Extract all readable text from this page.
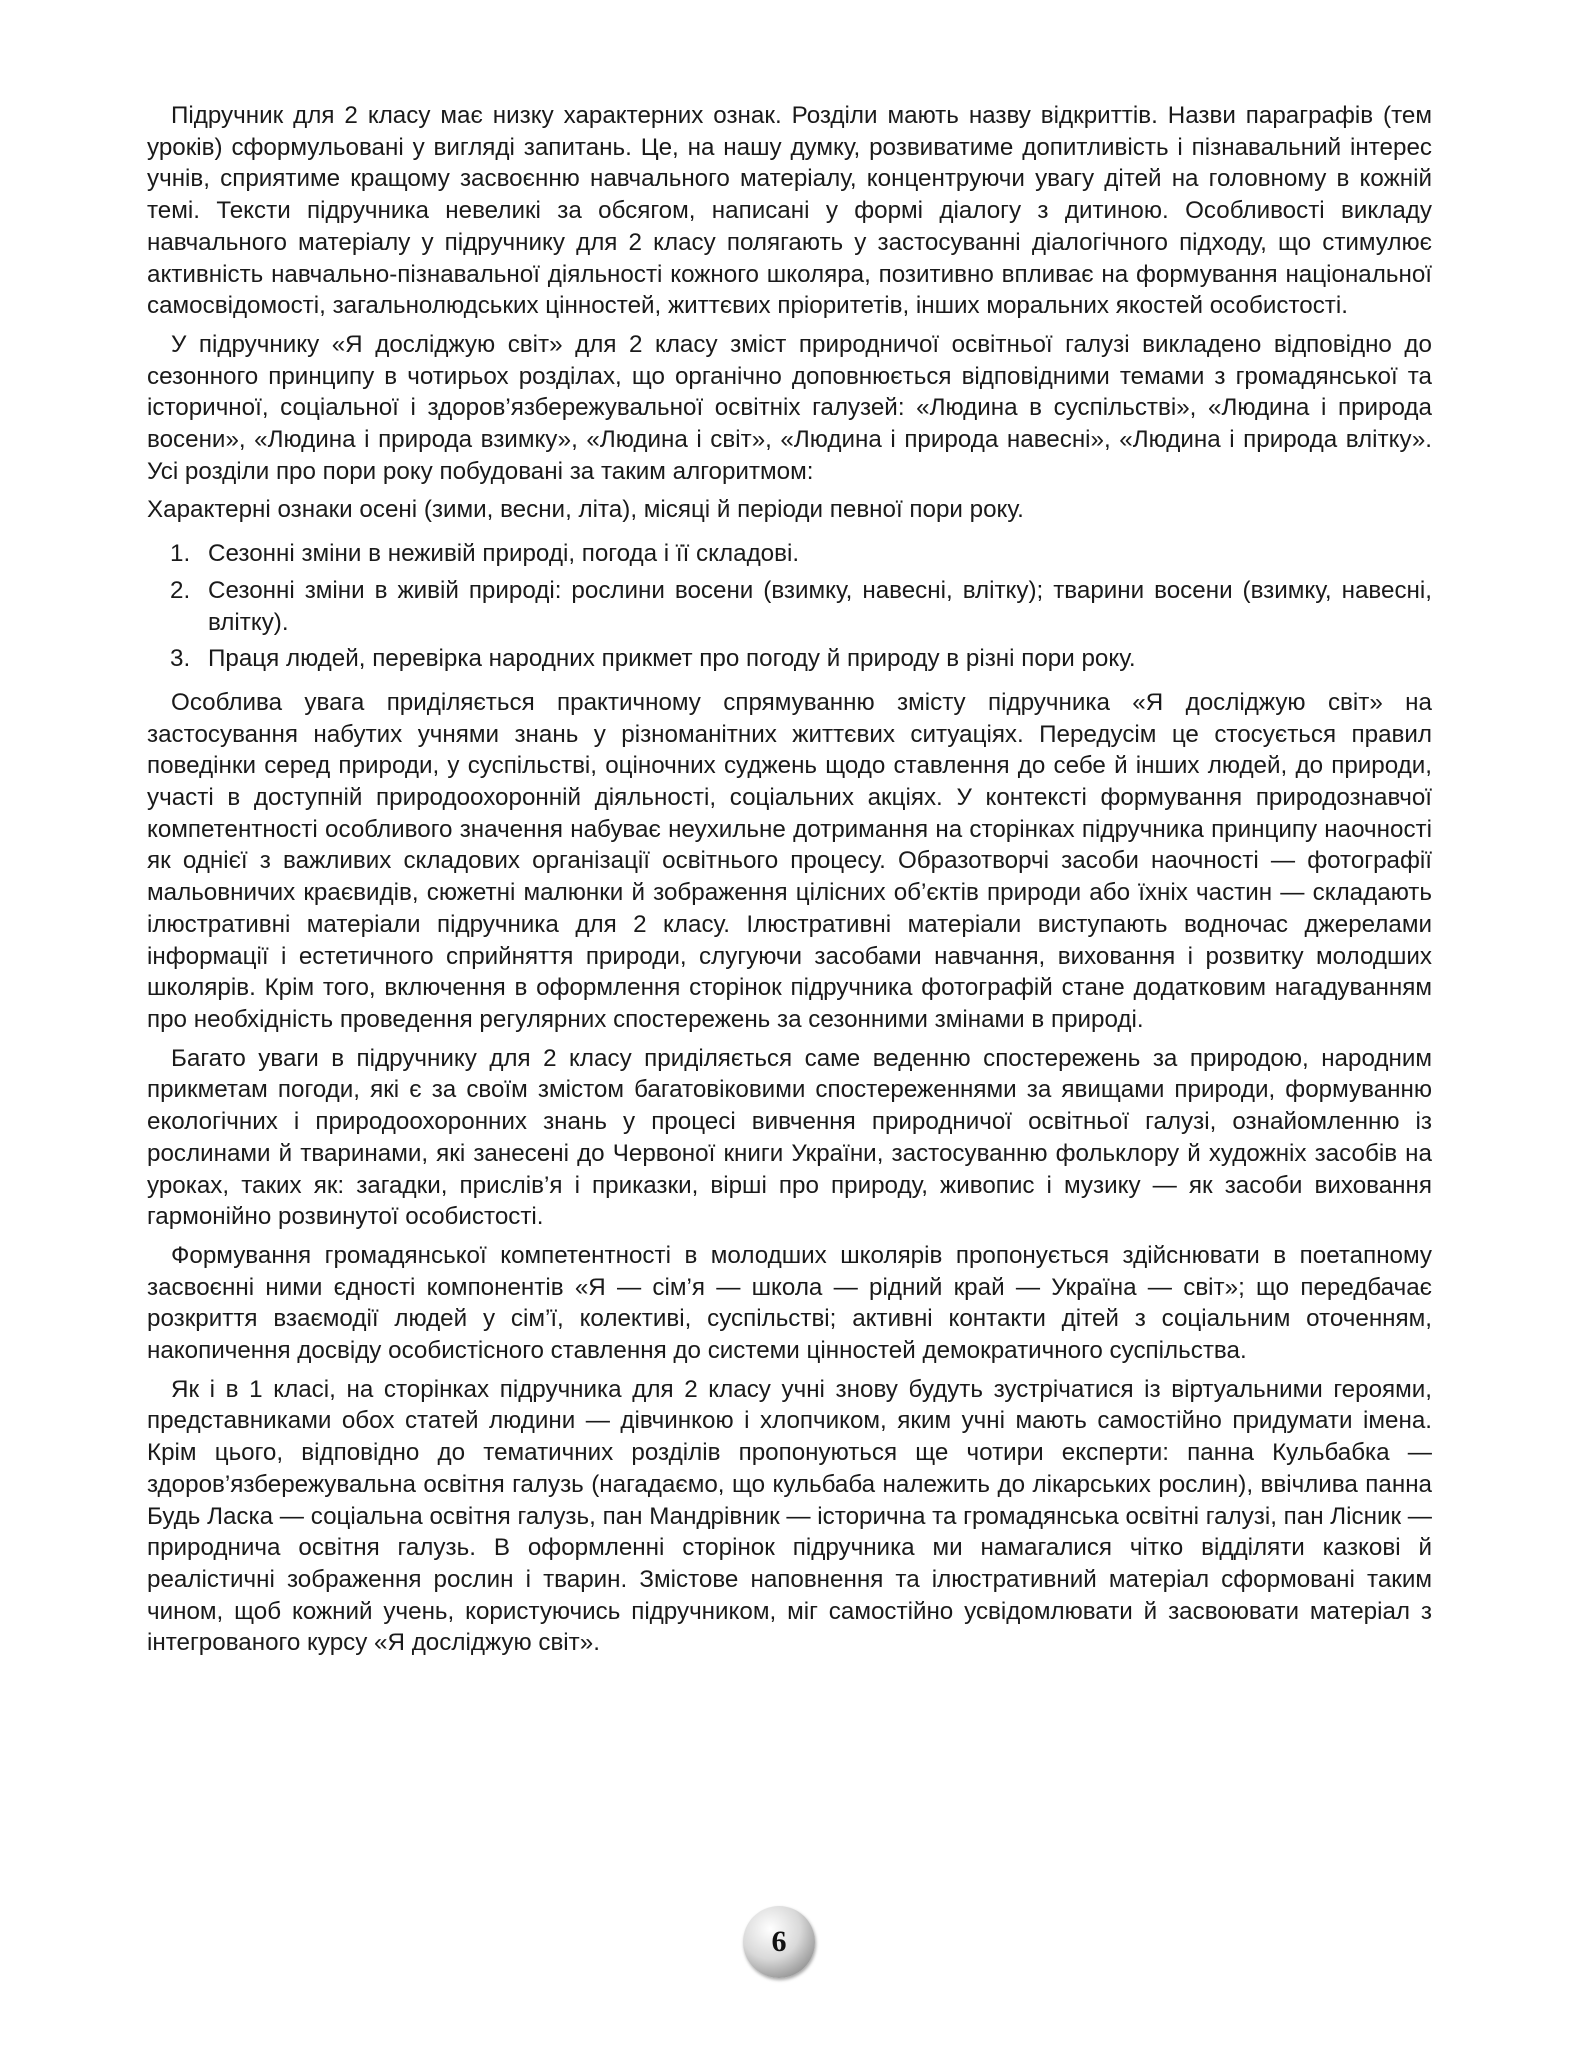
Підручник для 2 класу має низку характерних ознак. Розділи мають назву відкриттів. Назви параграфів (тем уроків) сформульовані у вигляді запитань. Це, на нашу думку, розвиватиме допитливість і пізнавальний інтерес учнів, сприятиме кращому засвоєнню навчального матеріалу, концентруючи увагу дітей на головному в кожній темі. Тексти підручника невеликі за обсягом, написані у формі діалогу з дитиною. Особливості викладу навчального матеріалу у підручнику для 2 класу полягають у застосуванні діалогічного підходу, що стимулює активність навчально-пізнавальної діяльності кожного школяра, позитивно впливає на формування національної самосвідомості, загальнолюдських цінностей, життєвих пріоритетів, інших моральних якостей особистості.

У підручнику «Я досліджую світ» для 2 класу зміст природничої освітньої галузі викладено відповідно до сезонного принципу в чотирьох розділах, що органічно доповнюється відповідними темами з громадянської та історичної, соціальної і здоров’язбережувальної освітніх галузей: «Людина в суспільстві», «Людина і природа восени», «Людина і природа взимку», «Людина і світ», «Людина і природа навесні», «Людина і природа влітку». Усі розділи про пори року побудовані за таким алгоритмом:

Характерні ознаки осені (зими, весни, літа), місяці й періоди певної пори року.

1. Сезонні зміни в неживій природі, погода і її складові.
2. Сезонні зміни в живій природі: рослини восени (взимку, навесні, влітку); тварини восени (взимку, навесні, влітку).
3. Праця людей, перевірка народних прикмет про погоду й природу в різні пори року.

Особлива увага приділяється практичному спрямуванню змісту підручника «Я досліджую світ» на застосування набутих учнями знань у різноманітних життєвих ситуаціях. Передусім це стосується правил поведінки серед природи, у суспільстві, оціночних суджень щодо ставлення до себе й інших людей, до природи, участі в доступній природоохоронній діяльності, соціальних акціях. У контексті формування природознавчої компетентності особливого значення набуває неухильне дотримання на сторінках підручника принципу наочності як однієї з важливих складових організації освітнього процесу. Образотворчі засоби наочності — фотографії мальовничих краєвидів, сюжетні малюнки й зображення цілісних об’єктів природи або їхніх частин — складають ілюстративні матеріали підручника для 2 класу. Ілюстративні матеріали виступають водночас джерелами інформації і естетичного сприйняття природи, слугуючи засобами навчання, виховання і розвитку молодших школярів. Крім того, включення в оформлення сторінок підручника фотографій стане додатковим нагадуванням про необхідність проведення регулярних спостережень за сезонними змінами в природі.

Багато уваги в підручнику для 2 класу приділяється саме веденню спостережень за природою, народним прикметам погоди, які є за своїм змістом багатовіковими спостереженнями за явищами природи, формуванню екологічних і природоохоронних знань у процесі вивчення природничої освітньої галузі, ознайомленню із рослинами й тваринами, які занесені до Червоної книги України, застосуванню фольклору й художніх засобів на уроках, таких як: загадки, прислів’я і приказки, вірші про природу, живопис і музику — як засоби виховання гармонійно розвинутої особистості.

Формування громадянської компетентності в молодших школярів пропонується здійснювати в поетапному засвоєнні ними єдності компонентів «Я — сім’я — школа — рідний край — Україна — світ»; що передбачає розкриття взаємодії людей у сім’ї, колективі, суспільстві; активні контакти дітей з соціальним оточенням, накопичення досвіду особистісного ставлення до системи цінностей демократичного суспільства.

Як і в 1 класі, на сторінках підручника для 2 класу учні знову будуть зустрічатися із віртуальними героями, представниками обох статей людини — дівчинкою і хлопчиком, яким учні мають самостійно придумати імена. Крім цього, відповідно до тематичних розділів пропонуються ще чотири експерти: панна Кульбабка — здоров’язбережувальна освітня галузь (нагадаємо, що кульбаба належить до лікарських рослин), ввічлива панна Будь Ласка — соціальна освітня галузь, пан Мандрівник — історична та громадянська освітні галузі, пан Лісник — природнича освітня галузь. В оформленні сторінок підручника ми намагалися чітко відділяти казкові й реалістичні зображення рослин і тварин. Змістове наповнення та ілюстративний матеріал сформовані таким чином, щоб кожний учень, користуючись підручником, міг самостійно усвідомлювати й засвоювати матеріал з інтегрованого курсу «Я досліджую світ».

6
